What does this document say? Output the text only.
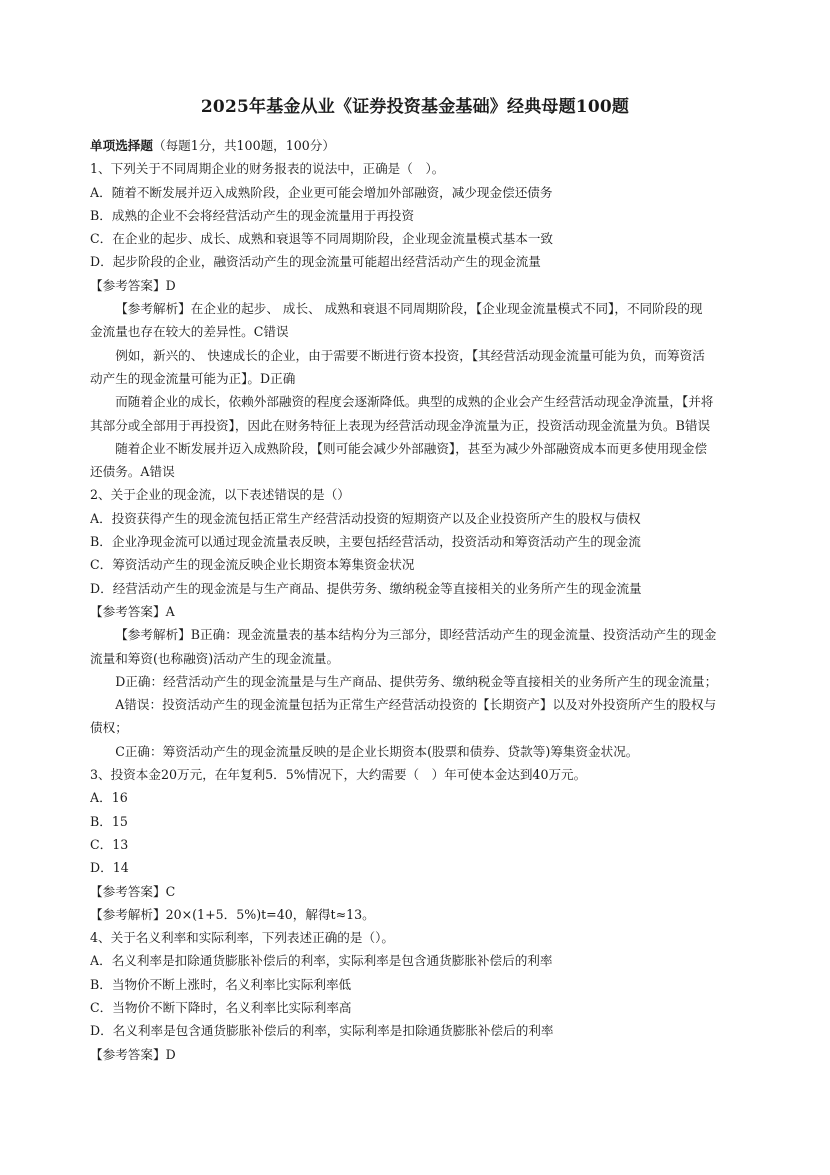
2025年基金从业《证券投资基金基础》经典母题100题
单项选择题（每题1分，共100题，100分）
1、下列关于不同周期企业的财务报表的说法中，正确是（　）。
A．随着不断发展并迈入成熟阶段，企业更可能会增加外部融资，减少现金偿还债务
B．成熟的企业不会将经营活动产生的现金流量用于再投资
C．在企业的起步、成长、成熟和衰退等不同周期阶段，企业现金流量模式基本一致
D．起步阶段的企业，融资活动产生的现金流量可能超出经营活动产生的现金流量
【参考答案】D
【参考解析】在企业的起步、 成长、 成熟和衰退不同周期阶段，【企业现金流量模式不同】，不同阶段的现
金流量也存在较大的差异性。C错误
例如，新兴的、 快速成长的企业，由于需要不断进行资本投资，【其经营活动现金流量可能为负，而筹资活
动产生的现金流量可能为正】。D正确
而随着企业的成长，依赖外部融资的程度会逐渐降低。典型的成熟的企业会产生经营活动现金净流量，【并将
其部分或全部用于再投资】，因此在财务特征上表现为经营活动现金净流量为正，投资活动现金流量为负。B错误
随着企业不断发展并迈入成熟阶段，【则可能会减少外部融资】，甚至为减少外部融资成本而更多使用现金偿
还债务。A错误
2、关于企业的现金流，以下表述错误的是（）
A．投资获得产生的现金流包括正常生产经营活动投资的短期资产以及企业投资所产生的股权与债权
B．企业净现金流可以通过现金流量表反映，主要包括经营活动，投资活动和筹资活动产生的现金流
C．筹资活动产生的现金流反映企业长期资本筹集资金状况
D．经营活动产生的现金流是与生产商品、提供劳务、缴纳税金等直接相关的业务所产生的现金流量
【参考答案】A
【参考解析】B正确：现金流量表的基本结构分为三部分，即经营活动产生的现金流量、投资活动产生的现金
流量和筹资(也称融资)活动产生的现金流量。
D正确：经营活动产生的现金流量是与生产商品、提供劳务、缴纳税金等直接相关的业务所产生的现金流量；
A错误：投资活动产生的现金流量包括为正常生产经营活动投资的【长期资产】以及对外投资所产生的股权与
债权；
C正确：筹资活动产生的现金流量反映的是企业长期资本(股票和债券、贷款等)筹集资金状况。
3、投资本金20万元，在年复利5．5%情况下，大约需要（　）年可使本金达到40万元。
A．16
B．15
C．13
D．14
【参考答案】C
【参考解析】20×(1+5．5%)t=40，解得t≈13。
4、关于名义利率和实际利率，下列表述正确的是（）。
A．名义利率是扣除通货膨胀补偿后的利率，实际利率是包含通货膨胀补偿后的利率
B．当物价不断上涨时，名义利率比实际利率低
C．当物价不断下降时，名义利率比实际利率高
D．名义利率是包含通货膨胀补偿后的利率，实际利率是扣除通货膨胀补偿后的利率
【参考答案】D
